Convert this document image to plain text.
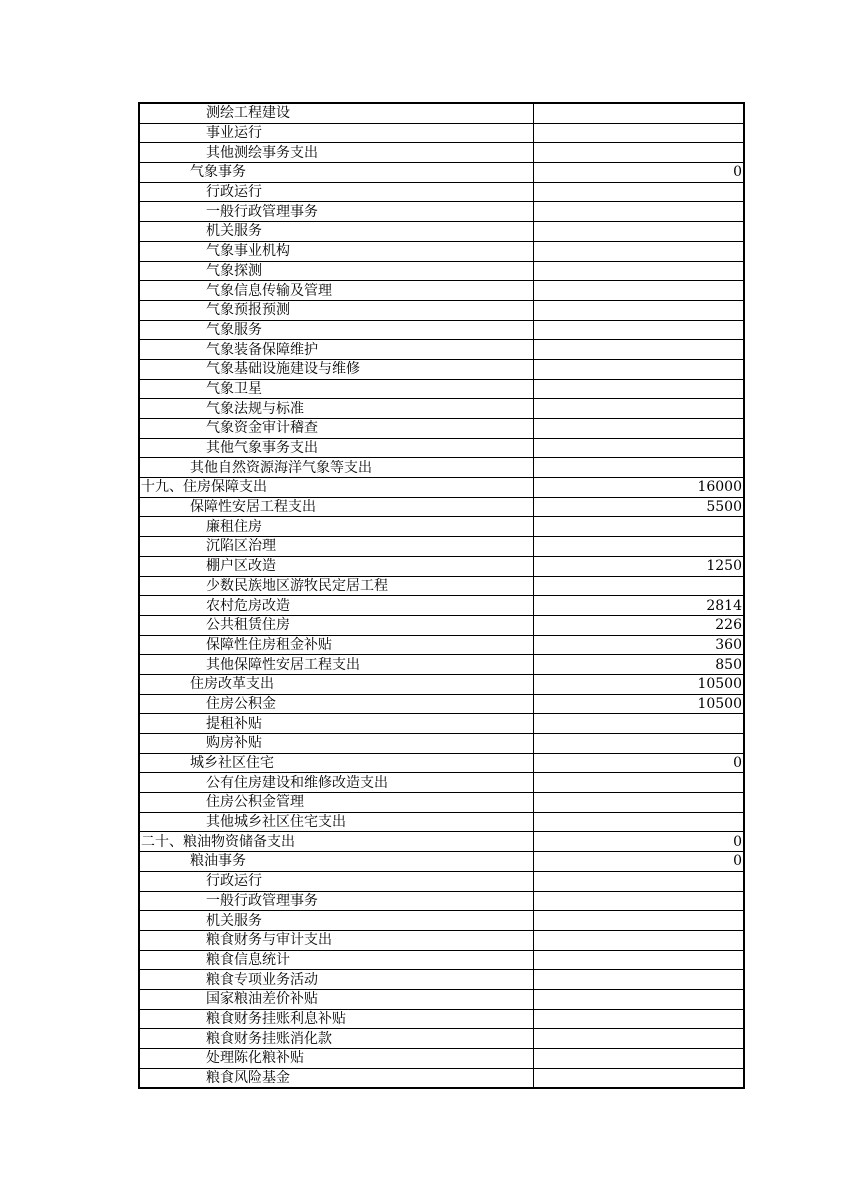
测绘工程建设	
事业运行	
其他测绘事务支出	
气象事务	0
行政运行	
一般行政管理事务	
机关服务	
气象事业机构	
气象探测	
气象信息传输及管理	
气象预报预测	
气象服务	
气象装备保障维护	
气象基础设施建设与维修	
气象卫星	
气象法规与标准	
气象资金审计稽查	
其他气象事务支出	
其他自然资源海洋气象等支出	
十九、住房保障支出	16000
保障性安居工程支出	5500
廉租住房	
沉陷区治理	
棚户区改造	1250
少数民族地区游牧民定居工程	
农村危房改造	2814
公共租赁住房	226
保障性住房租金补贴	360
其他保障性安居工程支出	850
住房改革支出	10500
住房公积金	10500
提租补贴	
购房补贴	
城乡社区住宅	0
公有住房建设和维修改造支出	
住房公积金管理	
其他城乡社区住宅支出	
二十、粮油物资储备支出	0
粮油事务	0
行政运行	
一般行政管理事务	
机关服务	
粮食财务与审计支出	
粮食信息统计	
粮食专项业务活动	
国家粮油差价补贴	
粮食财务挂账利息补贴	
粮食财务挂账消化款	
处理陈化粮补贴	
粮食风险基金	
